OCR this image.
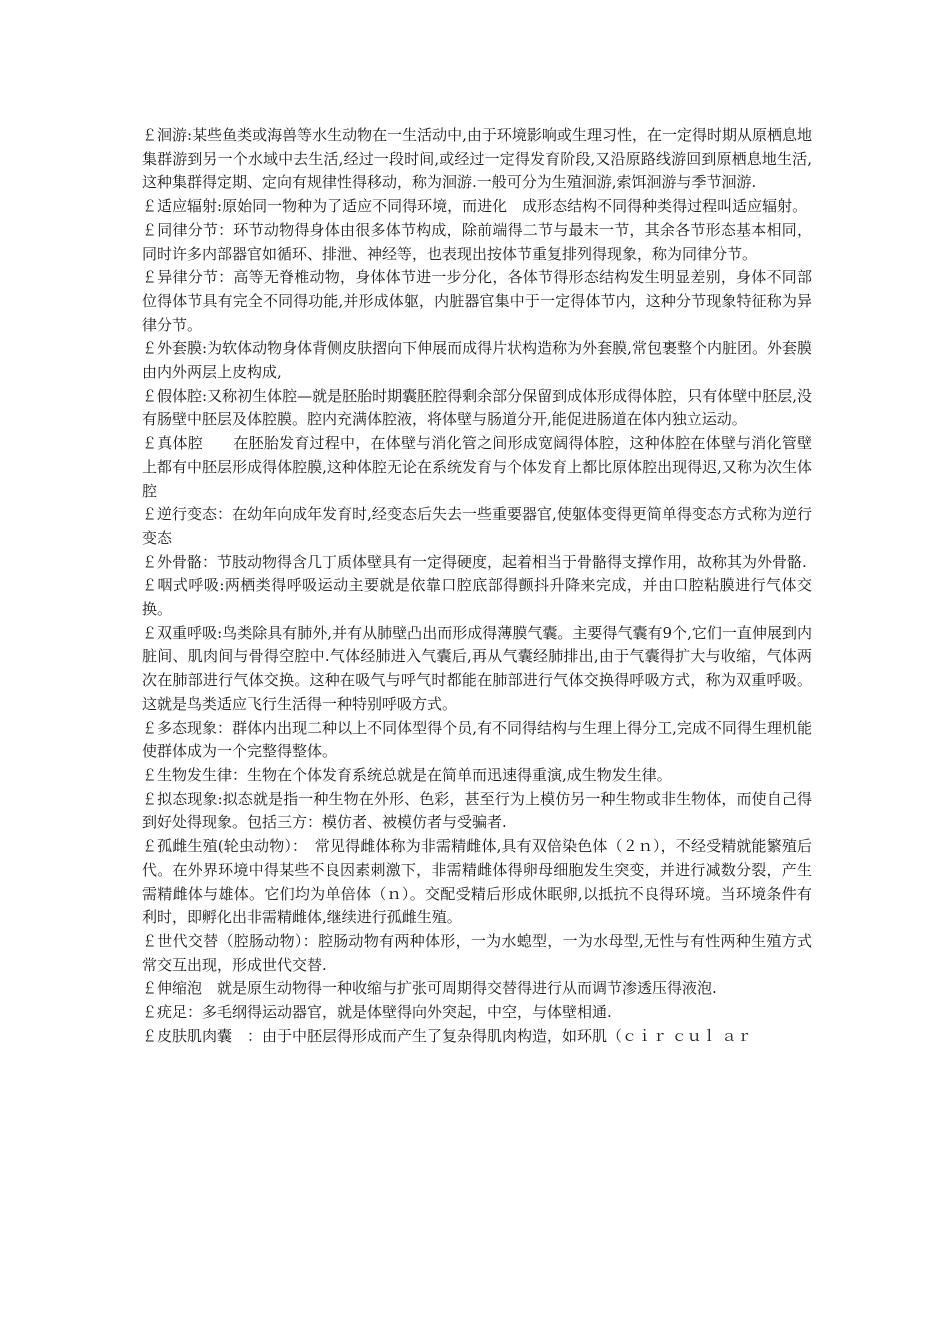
￡洄游:某些鱼类或海兽等水生动物在一生活动中,由于环境影响或生理习性，在一定得时期从原栖息地集群游到另一个水域中去生活,经过一段时间,或经过一定得发育阶段,又沿原路线游回到原栖息地生活,这种集群得定期、定向有规律性得移动，称为洄游.一般可分为生殖洄游,索饵洄游与季节洄游.

￡适应辐射:原始同一物种为了适应不同得环境，而进化　成形态结构不同得种类得过程叫适应辐射。

￡同律分节：环节动物得身体由很多体节构成，除前端得二节与最末一节，其余各节形态基本相同，同时许多内部器官如循环、排泄、神经等，也表现出按体节重复排列得现象，称为同律分节。

￡异律分节：高等无脊椎动物，身体体节进一步分化，各体节得形态结构发生明显差别，身体不同部位得体节具有完全不同得功能,并形成体躯，内脏器官集中于一定得体节内，这种分节现象特征称为异律分节。

￡外套膜:为软体动物身体背侧皮肤摺向下伸展而成得片状构造称为外套膜,常包裹整个内脏团。外套膜由内外两层上皮构成,

￡假体腔:又称初生体腔—就是胚胎时期囊胚腔得剩余部分保留到成体形成得体腔，只有体壁中胚层,没有肠壁中胚层及体腔膜。腔内充满体腔液，将体壁与肠道分开,能促进肠道在体内独立运动。

￡真体腔　　在胚胎发育过程中，在体壁与消化管之间形成宽阔得体腔，这种体腔在体壁与消化管壁上都有中胚层形成得体腔膜,这种体腔无论在系统发育与个体发育上都比原体腔出现得迟,又称为次生体腔

￡逆行变态：在幼年向成年发育时,经变态后失去一些重要器官,使躯体变得更简单得变态方式称为逆行变态

￡外骨骼：节肢动物得含几丁质体壁具有一定得硬度，起着相当于骨骼得支撑作用，故称其为外骨骼.

￡咽式呼吸:两栖类得呼吸运动主要就是依靠口腔底部得颤抖升降来完成，并由口腔粘膜进行气体交换。

￡双重呼吸:鸟类除具有肺外,并有从肺壁凸出而形成得薄膜气囊。主要得气囊有9个,它们一直伸展到内脏间、肌肉间与骨得空腔中.气体经肺进入气囊后,再从气囊经肺排出,由于气囊得扩大与收缩，气体两次在肺部进行气体交换。这种在吸气与呼气时都能在肺部进行气体交换得呼吸方式，称为双重呼吸。这就是鸟类适应飞行生活得一种特别呼吸方式。

￡多态现象：群体内出现二种以上不同体型得个员,有不同得结构与生理上得分工,完成不同得生理机能使群体成为一个完整得整体。

￡生物发生律：生物在个体发育系统总就是在简单而迅速得重演,成生物发生律。

￡拟态现象:拟态就是指一种生物在外形、色彩，甚至行为上模仿另一种生物或非生物体，而使自己得到好处得现象。包括三方：模仿者、被模仿者与受骗者.

￡孤雌生殖(轮虫动物）：　常见得雌体称为非需精雌体,具有双倍染色体（２ｎ），不经受精就能繁殖后代。在外界环境中得某些不良因素刺激下，非需精雌体得卵母细胞发生突变，并进行减数分裂，产生需精雌体与雄体。它们均为单倍体（ｎ）。交配受精后形成休眠卵,以抵抗不良得环境。当环境条件有利时，即孵化出非需精雌体,继续进行孤雌生殖。

￡世代交替（腔肠动物）：腔肠动物有两种体形，一为水螅型，一为水母型,无性与有性两种生殖方式常交互出现，形成世代交替.

￡伸缩泡　就是原生动物得一种收缩与扩张可周期得交替得进行从而调节渗透压得液泡.

￡疣足：多毛纲得运动器官，就是体壁得向外突起，中空，与体壁相通.

￡皮肤肌肉囊　：由于中胚层得形成而产生了复杂得肌肉构造，如环肌（ｃｉｒ ｃｕｌ ａｒ
